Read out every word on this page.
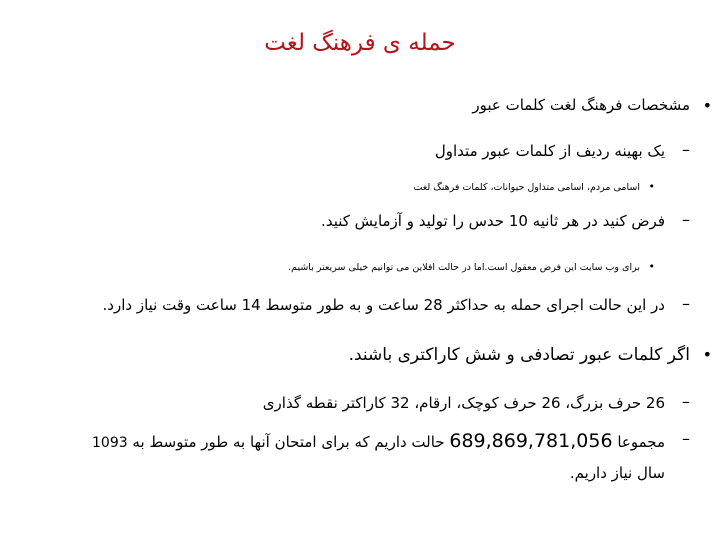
حمله ی فرهنگ لغت
•
مشخصات فرهنگ لغت کلمات عبور
–
یک بهینه ردیف از کلمات عبور متداول
•
اسامی مردم، اسامی متداول حیوانات، کلمات فرهنگ لغت
–
فرض کنید در هر ثانیه 10 حدس را تولید و آزمایش کنید.
•
برای وب سایت این فرض معقول است.اما در حالت افلاین می توانیم خیلی سریعتر باشیم.
–
در این حالت اجرای حمله به حداکثر 28 ساعت و به طور متوسط 14 ساعت وقت نیاز دارد.
•
اگر کلمات عبور تصادفی و شش کاراکتری باشند.
–
26 حرف بزرگ، 26 حرف کوچک، ارقام، 32 کاراکتر نقطه گذاری
–
مجموعا 689,869,781,056 حالت داریم که برای امتحان آنها به طور متوسط به 1093 سال نیاز داریم.
